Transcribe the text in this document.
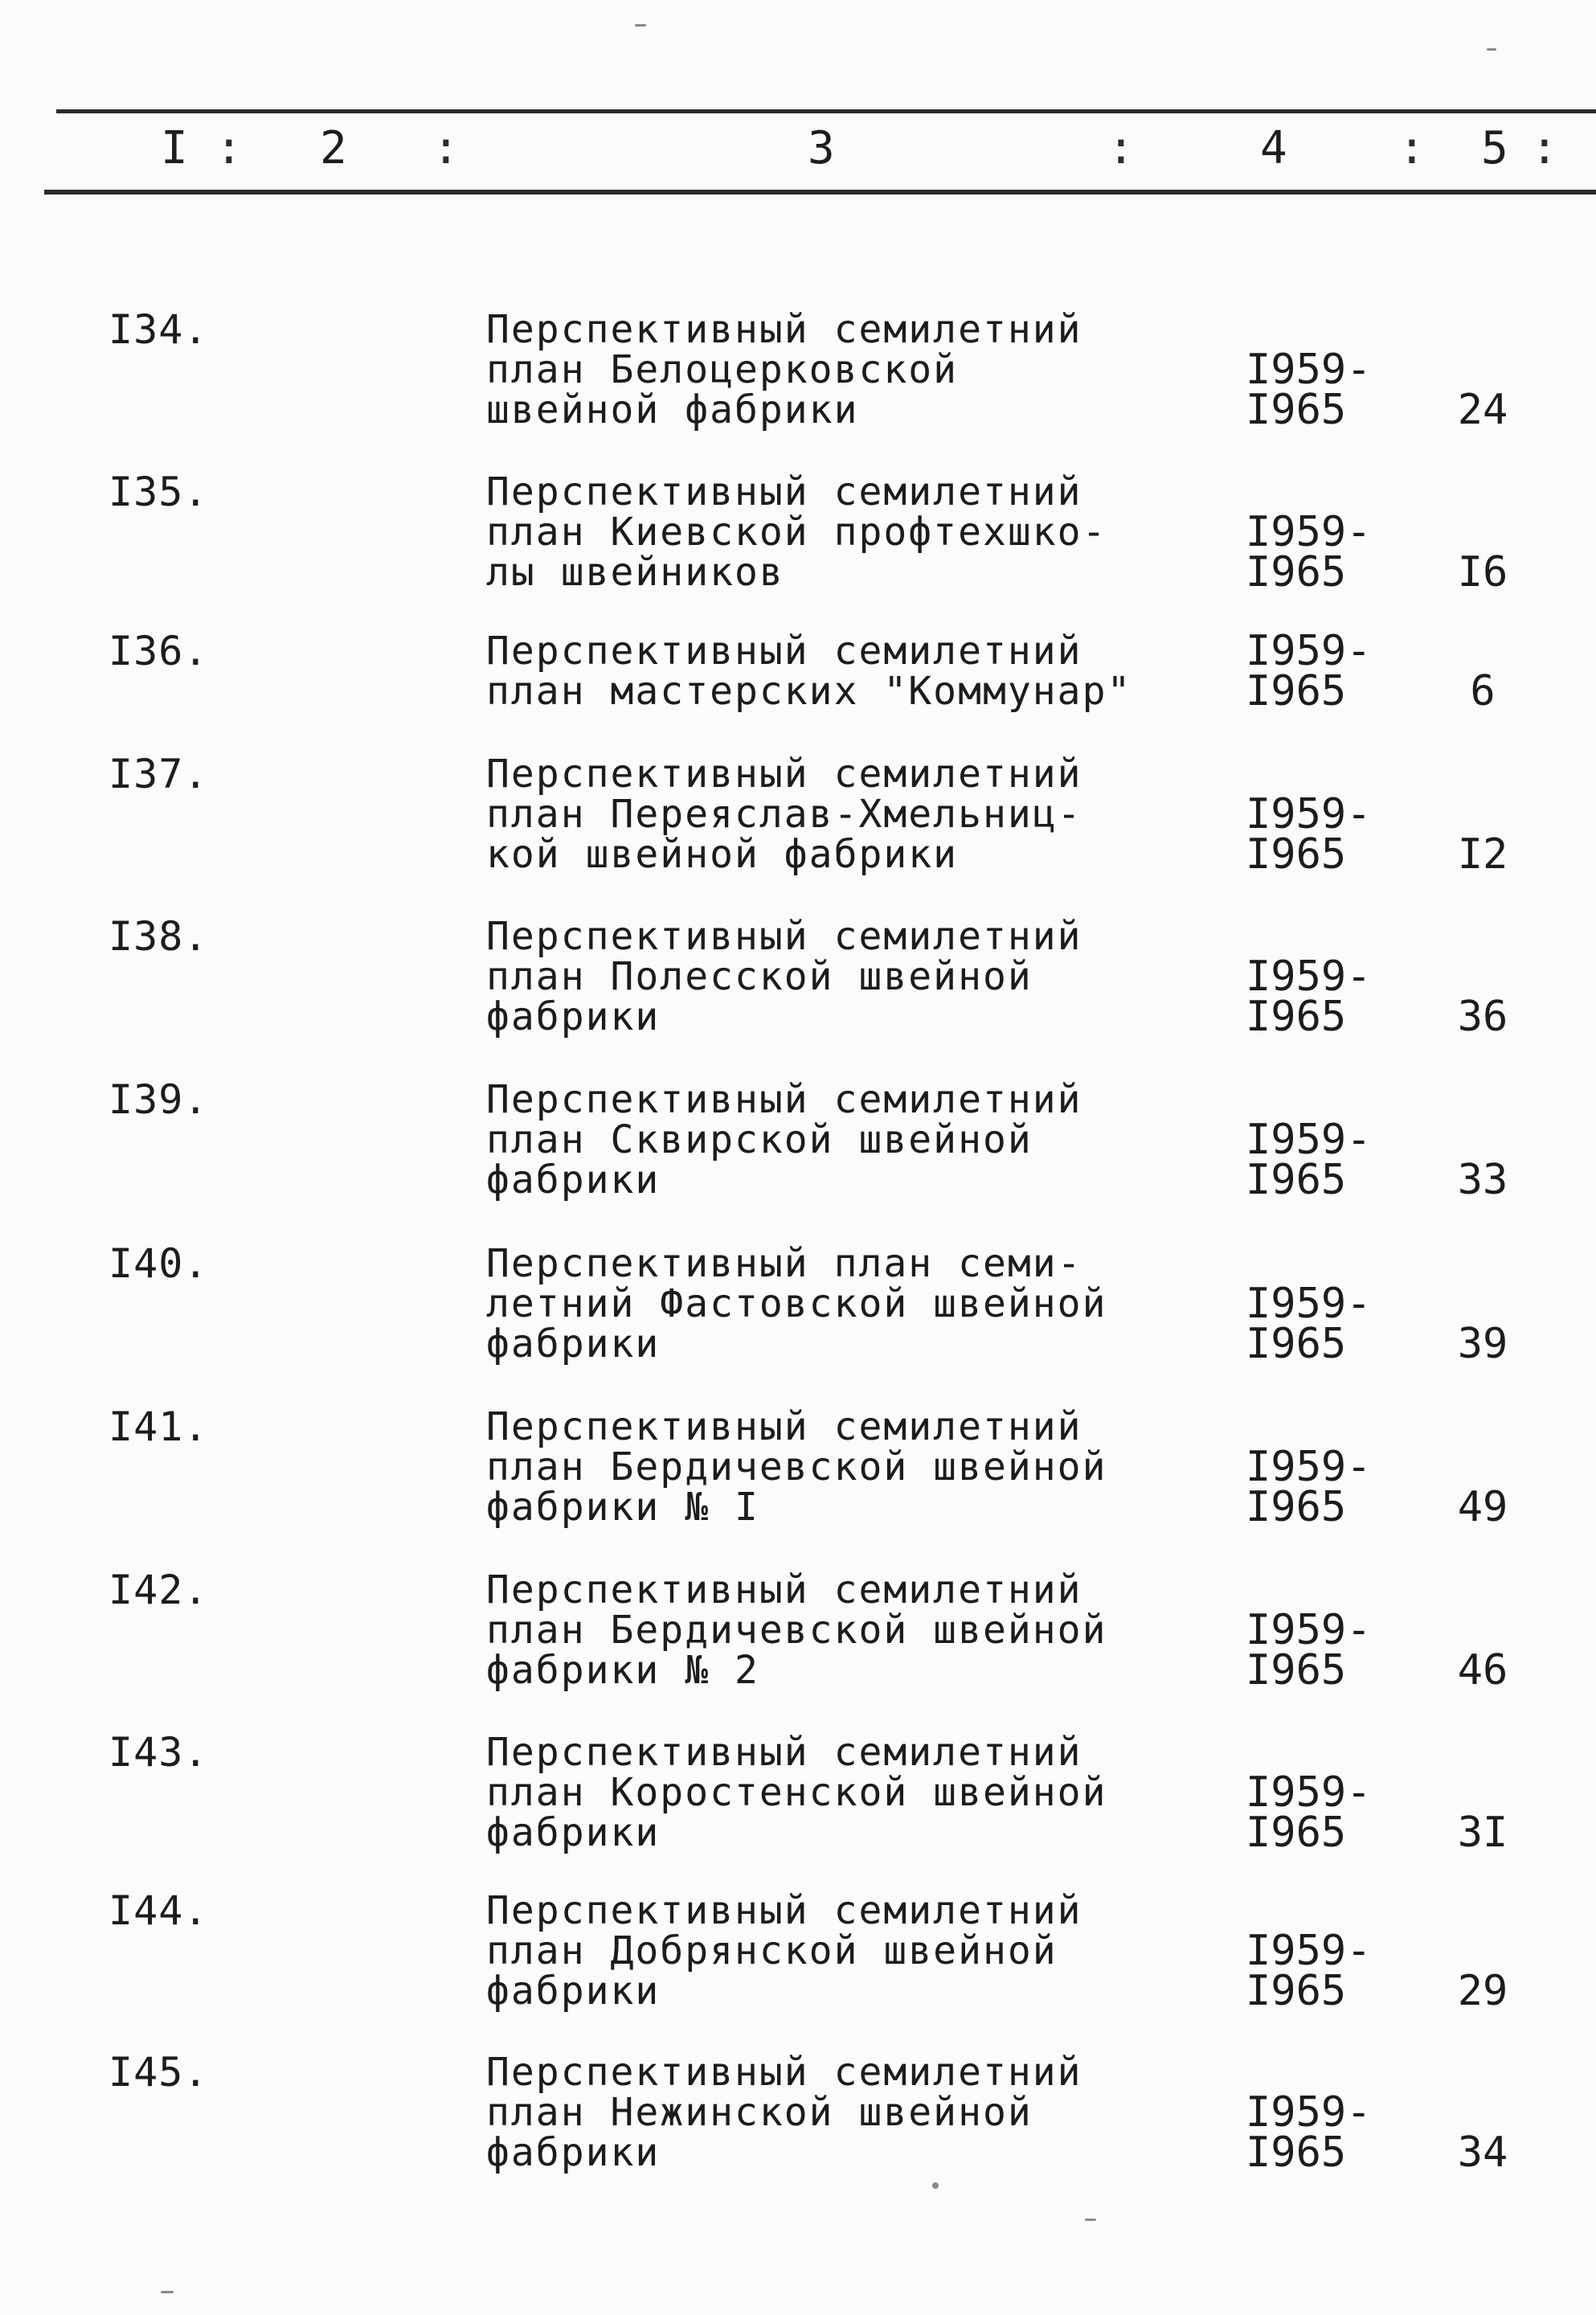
I : 2 :	3	:	4 : 5 :
I34.	Перспективный семилетний
план Белоцерковской
швейной фабрики
I959-
I965	24
I35.	Перспективный семилетний
план Киевской профтехшко-
лы швейников
I959-
I965	I6
I36.	Перспективный семилетний
план мастерских "Коммунар"
I959-
I965	6
I37.	Перспективный семилетний
план Переяслав-Хмельниц-
кой швейной фабрики
I959-
I965	I2
I38.	Перспективный семилетний
план Полесской швейной
фабрики
I959-
I965	36
I39.	Перспективный семилетний
план Сквирской швейной
фабрики
I959-
I965	33
I40.	Перспективный план семи-
летний Фастовской швейной
фабрики
I959-
I965	39
I41.	Перспективный семилетний
план Бердичевской швейной
фабрики № I
I959-
I965	49
I42.	Перспективный семилетний
план Бердичевской швейной
фабрики № 2
I959-
I965	46
I43.	Перспективный семилетний
план Коростенской швейной
фабрики
I959-
I965	3I
I44.	Перспективный семилетний
план Добрянской швейной
фабрики
I959-
I965	29
I45.	Перспективный семилетний
план Нежинской швейной
фабрики
I959-
I965	34
